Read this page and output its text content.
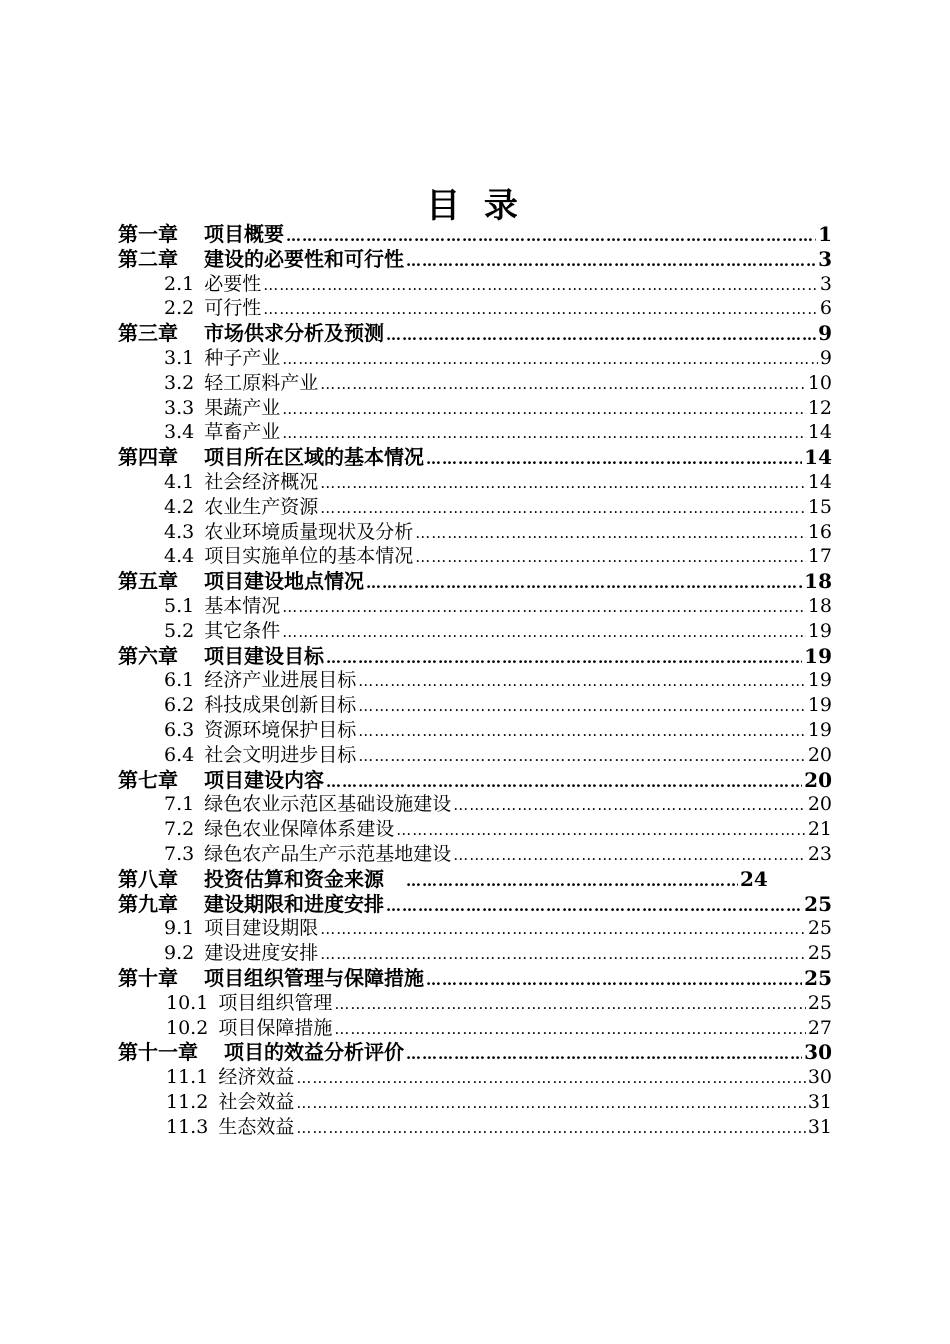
目 录
第一章 项目概要 ……………………………………………………………………………………………………………………………………………………………………	1
第二章 建设的必要性和可行性 ……………………………………………………………………………………………………………………………………………………………………	3
2.1 必要性 ……………………………………………………………………………………………………………………………………………………………………	3
2.2 可行性 ……………………………………………………………………………………………………………………………………………………………………	6
第三章 市场供求分析及预测 ……………………………………………………………………………………………………………………………………………………………………	9
3.1 种子产业 ……………………………………………………………………………………………………………………………………………………………………	9
3.2 轻工原料产业 ……………………………………………………………………………………………………………………………………………………………………	10
3.3 果蔬产业 ……………………………………………………………………………………………………………………………………………………………………	12
3.4 草畜产业 ……………………………………………………………………………………………………………………………………………………………………	14
第四章 项目所在区域的基本情况 ……………………………………………………………………………………………………………………………………………………………………	14
4.1 社会经济概况 ……………………………………………………………………………………………………………………………………………………………………	14
4.2 农业生产资源 ……………………………………………………………………………………………………………………………………………………………………	15
4.3 农业环境质量现状及分析 ……………………………………………………………………………………………………………………………………………………………………	16
4.4 项目实施单位的基本情况 ……………………………………………………………………………………………………………………………………………………………………	17
第五章 项目建设地点情况 ……………………………………………………………………………………………………………………………………………………………………	18
5.1 基本情况 ……………………………………………………………………………………………………………………………………………………………………	18
5.2 其它条件 ……………………………………………………………………………………………………………………………………………………………………	19
第六章 项目建设目标 ……………………………………………………………………………………………………………………………………………………………………	19
6.1 经济产业进展目标 ……………………………………………………………………………………………………………………………………………………………………	19
6.2 科技成果创新目标 ……………………………………………………………………………………………………………………………………………………………………	19
6.3 资源环境保护目标 ……………………………………………………………………………………………………………………………………………………………………	19
6.4 社会文明进步目标 ……………………………………………………………………………………………………………………………………………………………………	20
第七章 项目建设内容 ……………………………………………………………………………………………………………………………………………………………………	20
7.1 绿色农业示范区基础设施建设 ……………………………………………………………………………………………………………………………………………………………………	20
7.2 绿色农业保障体系建设 ……………………………………………………………………………………………………………………………………………………………………	21
7.3 绿色农产品生产示范基地建设 ……………………………………………………………………………………………………………………………………………………………………	23
第八章 投资估算和资金来源 ……………………………………………………………………………………………………………………………………………………………………	24
第九章 建设期限和进度安排 ……………………………………………………………………………………………………………………………………………………………………	25
9.1 项目建设期限 ……………………………………………………………………………………………………………………………………………………………………	25
9.2 建设进度安排 ……………………………………………………………………………………………………………………………………………………………………	25
第十章 项目组织管理与保障措施 ……………………………………………………………………………………………………………………………………………………………………	25
10.1 项目组织管理 ……………………………………………………………………………………………………………………………………………………………………	25
10.2 项目保障措施 ……………………………………………………………………………………………………………………………………………………………………	27
第十一章 项目的效益分析评价 ……………………………………………………………………………………………………………………………………………………………………	30
11.1 经济效益 ……………………………………………………………………………………………………………………………………………………………………	30
11.2 社会效益 ……………………………………………………………………………………………………………………………………………………………………	31
11.3 生态效益 ……………………………………………………………………………………………………………………………………………………………………	31
